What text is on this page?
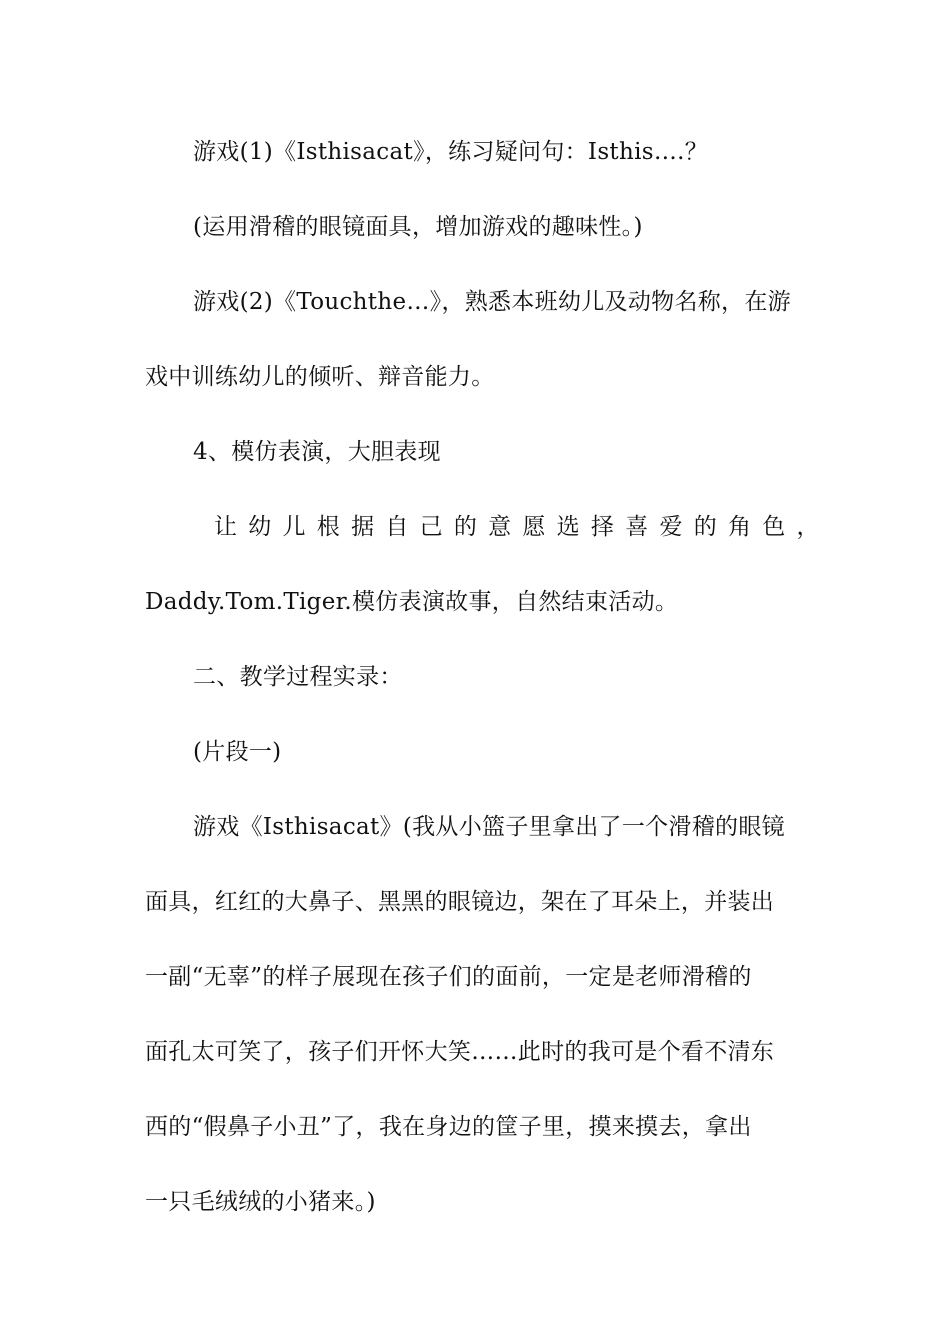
游戏(1)《Isthisacat》，练习疑问句：Isthis….？
(运用滑稽的眼镜面具，增加游戏的趣味性。)
游戏(2)《Touchthe…》，熟悉本班幼儿及动物名称，在游
戏中训练幼儿的倾听、辩音能力。
4、模仿表演，大胆表现
让 幼 儿 根 据 自 己 的 意 愿 选 择 喜 爱 的 角 色 ，
Daddy.Tom.Tiger.模仿表演故事，自然结束活动。
二、教学过程实录：
(片段一)
游戏《Isthisacat》(我从小篮子里拿出了一个滑稽的眼镜
面具，红红的大鼻子、黑黑的眼镜边，架在了耳朵上，并装出
一副“无辜”的样子展现在孩子们的面前，一定是老师滑稽的
面孔太可笑了，孩子们开怀大笑……此时的我可是个看不清东
西的“假鼻子小丑”了，我在身边的筐子里，摸来摸去，拿出
一只毛绒绒的小猪来。)
